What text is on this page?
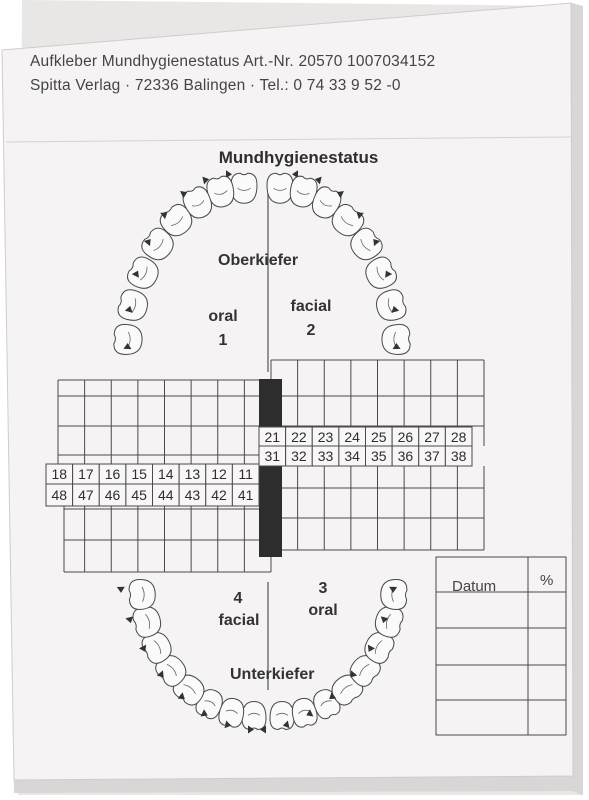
18 17 16 15 14 13 12 11
48 47 46 45 44 43 42 41
21 22 23 24 25 26 27 28
31 32 33 34 35 36 37 38
Aufkleber Mundhygienestatus Art.-Nr. 20570 1007034152
Spitta Verlag · 72336 Balingen · Tel.: 0 74 33 9 52 -0
Mundhygienestatus
Oberkiefer
oral
1
facial
2
4
facial
3
oral
Unterkiefer
Datum	%
